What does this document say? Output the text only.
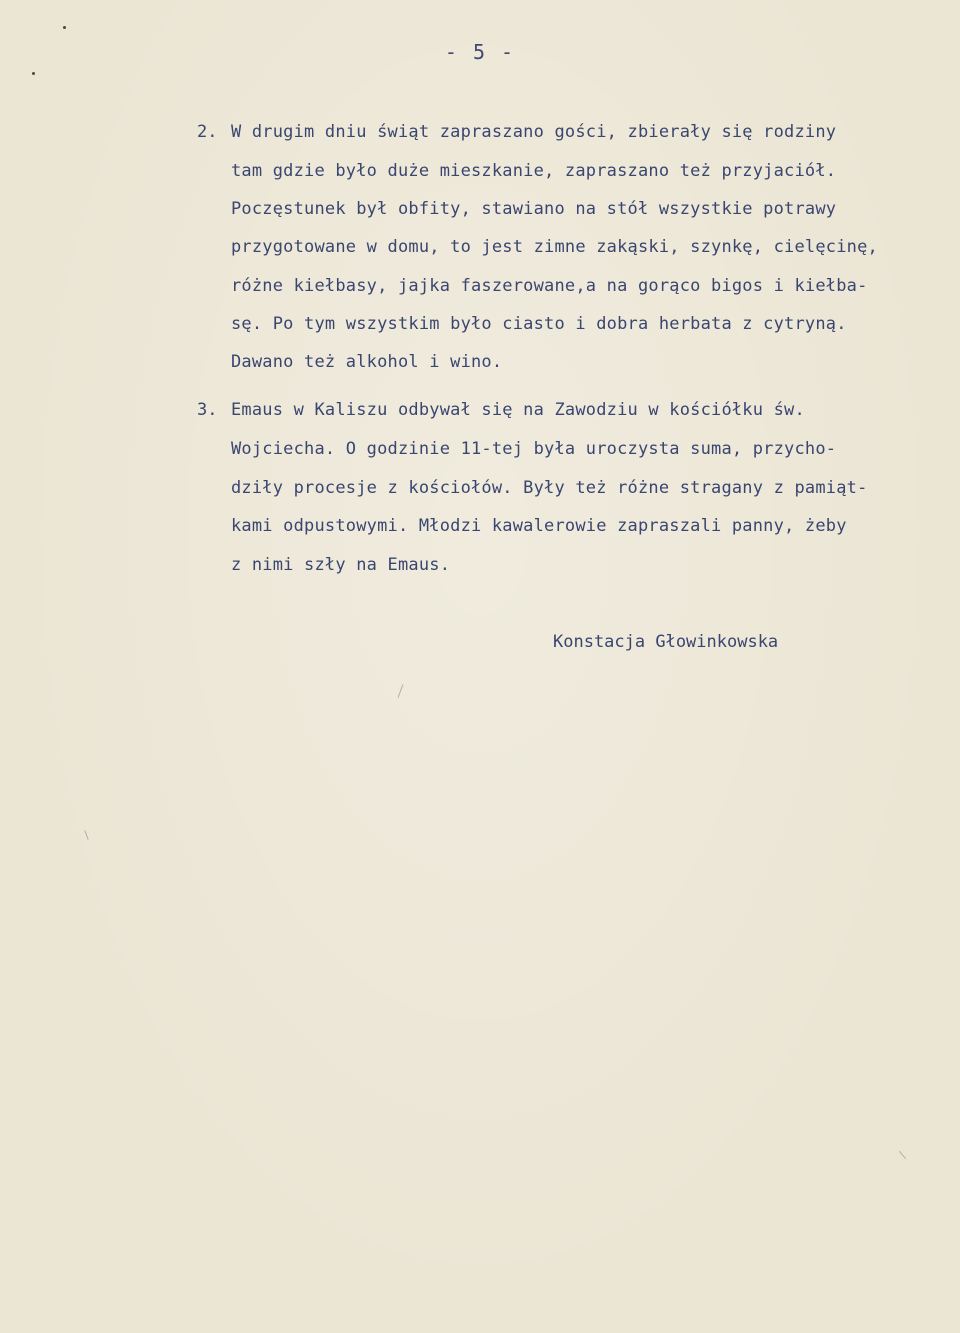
- 5 -
2. W drugim dniu świąt zapraszano gości, zbierały się rodziny
tam gdzie było duże mieszkanie, zapraszano też przyjaciół.
Poczęstunek był obfity, stawiano na stół wszystkie potrawy
przygotowane w domu, to jest zimne zakąski, szynkę, cielęcinę,
różne kiełbasy, jajka faszerowane,a na gorąco bigos i kiełba-
sę. Po tym wszystkim było ciasto i dobra herbata z cytryną.
Dawano też alkohol i wino.
3. Emaus w Kaliszu odbywał się na Zawodziu w kościółku św.
Wojciecha. O godzinie 11-tej była uroczysta suma, przycho-
dziły procesje z kościołów. Były też różne stragany z pamiąt-
kami odpustowymi. Młodzi kawalerowie zapraszali panny, żeby
z nimi szły na Emaus.
Konstacja Głowinkowska
